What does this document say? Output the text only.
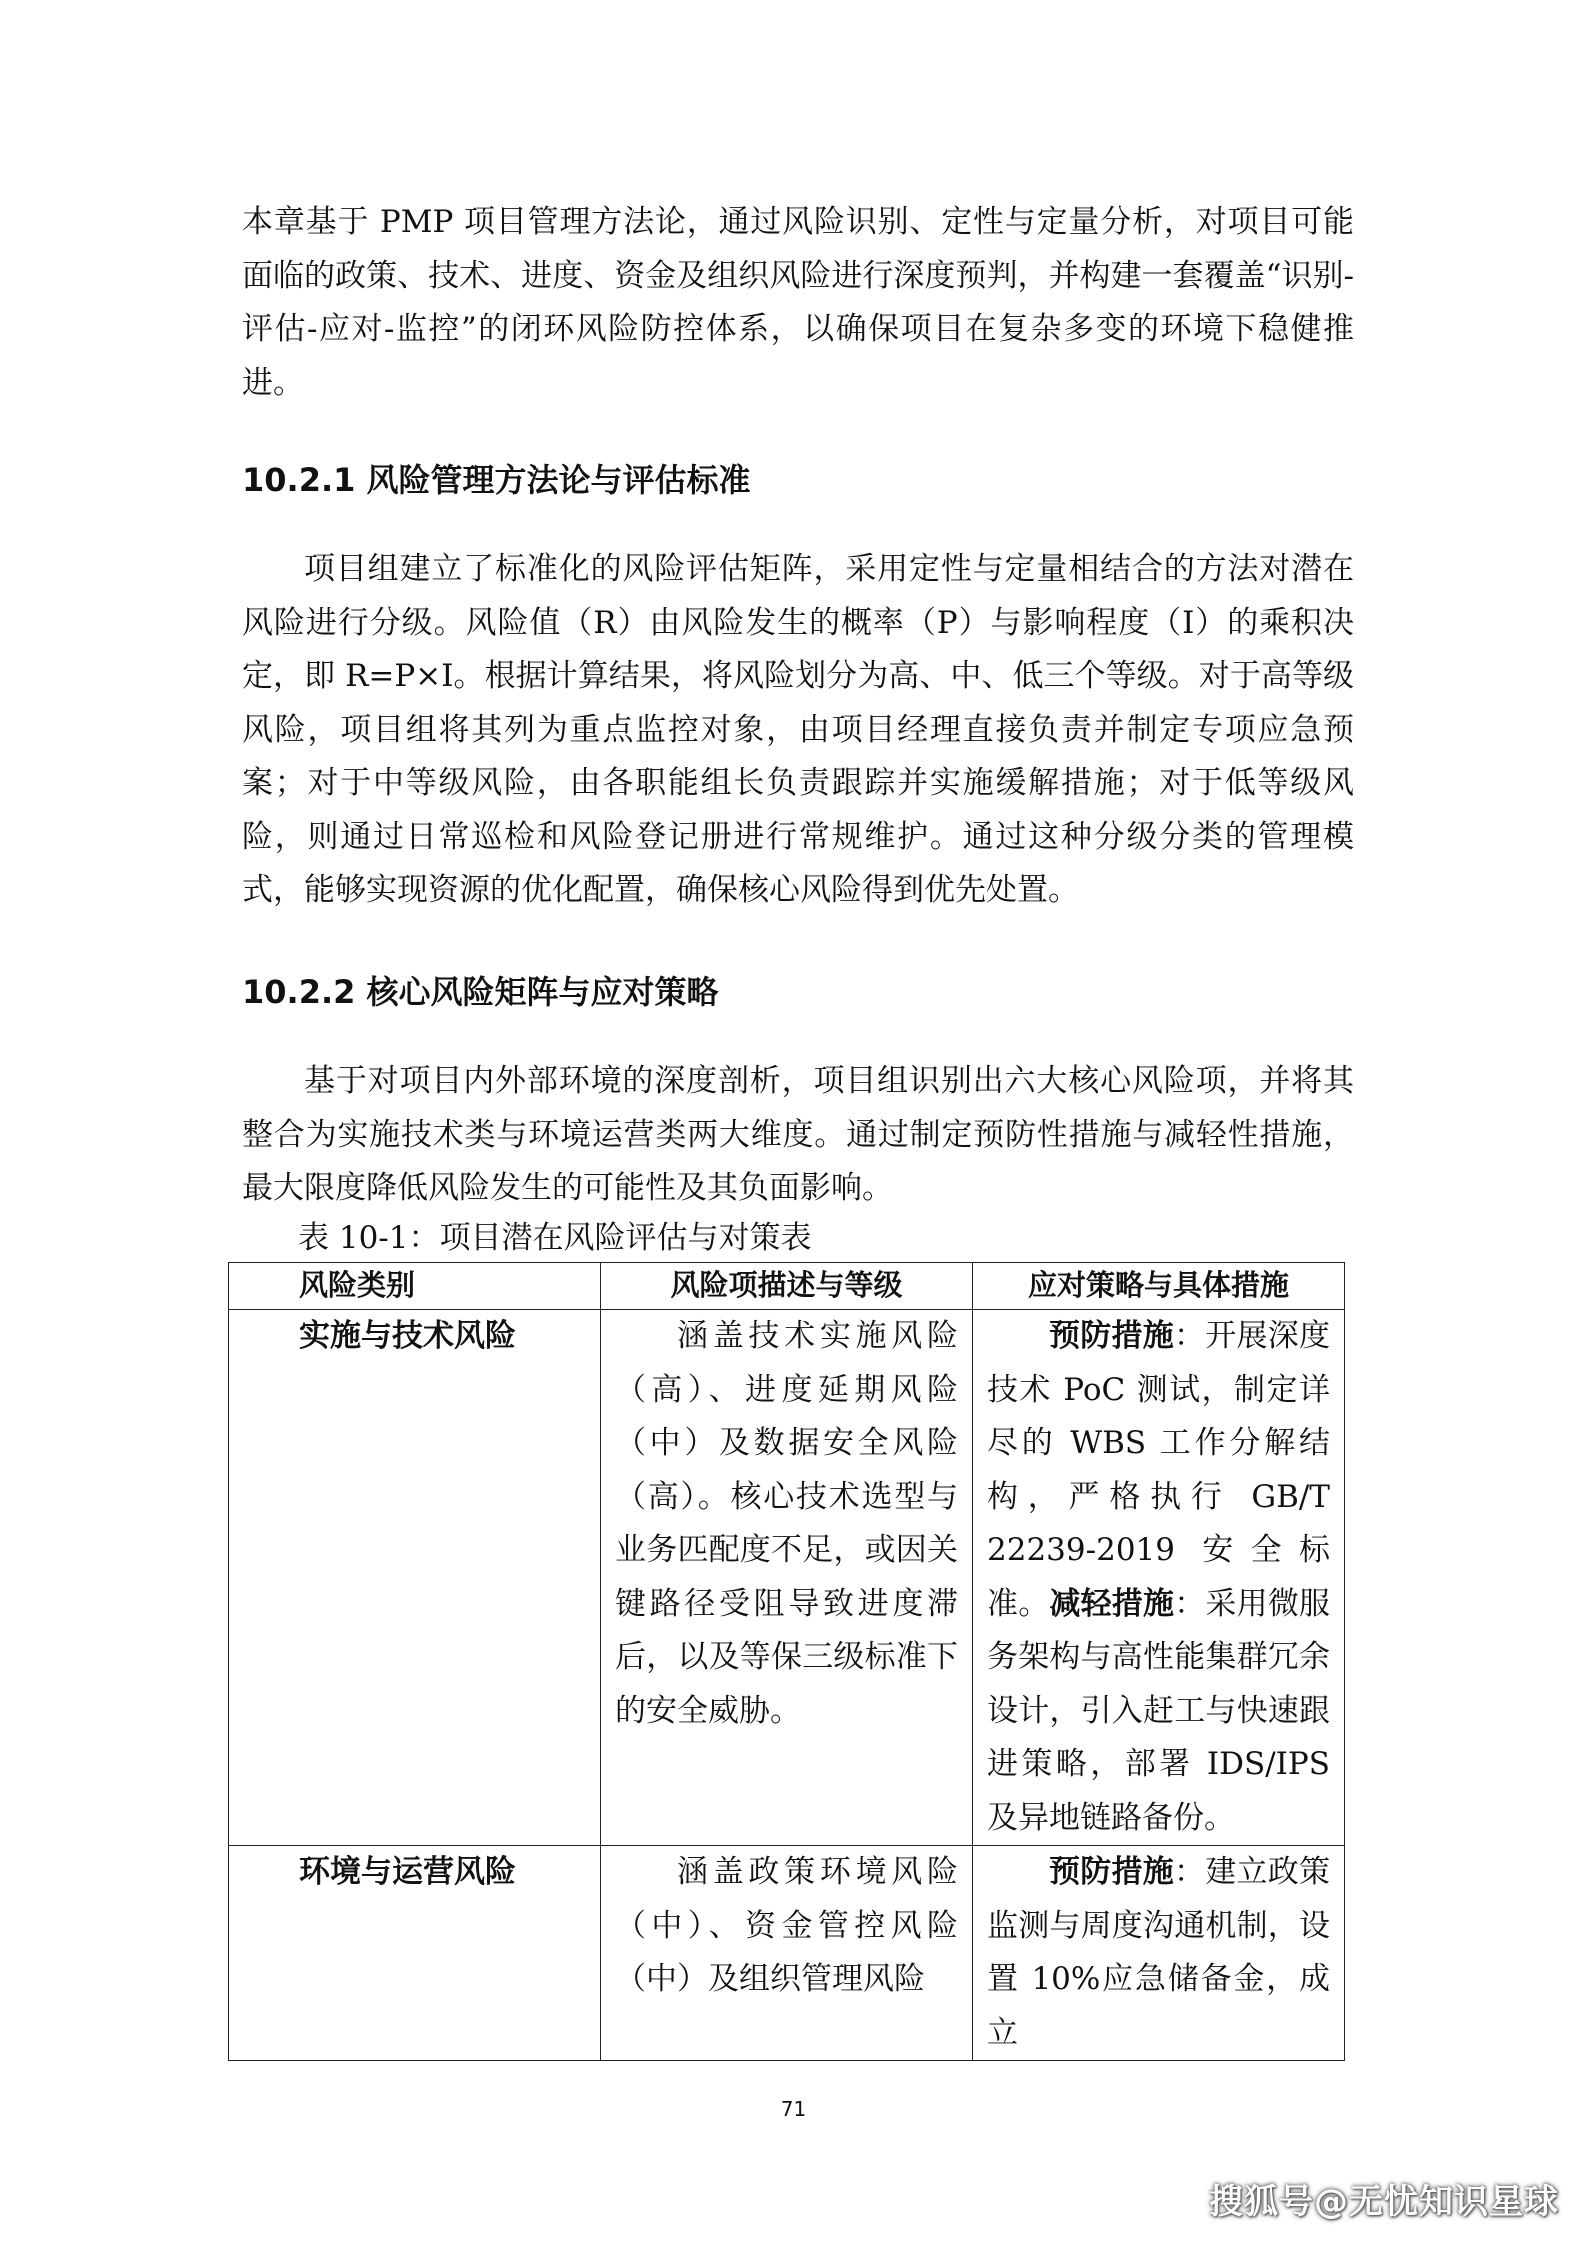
本章基于 PMP 项目管理方法论，通过风险识别、定性与定量分析，对项目可能面临的政策、技术、进度、资金及组织风险进行深度预判，并构建一套覆盖“识别-评估-应对-监控”的闭环风险防控体系，以确保项目在复杂多变的环境下稳健推进。

10.2.1 风险管理方法论与评估标准

项目组建立了标准化的风险评估矩阵，采用定性与定量相结合的方法对潜在风险进行分级。风险值（R）由风险发生的概率（P）与影响程度（I）的乘积决定，即 R=P×I。根据计算结果，将风险划分为高、中、低三个等级。对于高等级风险，项目组将其列为重点监控对象，由项目经理直接负责并制定专项应急预案；对于中等级风险，由各职能组长负责跟踪并实施缓解措施；对于低等级风险，则通过日常巡检和风险登记册进行常规维护。通过这种分级分类的管理模式，能够实现资源的优化配置，确保核心风险得到优先处置。

10.2.2 核心风险矩阵与应对策略

基于对项目内外部环境的深度剖析，项目组识别出六大核心风险项，并将其整合为实施技术类与环境运营类两大维度。通过制定预防性措施与减轻性措施，最大限度降低风险发生的可能性及其负面影响。

表 10-1：项目潜在风险评估与对策表

风险类别	风险项描述与等级	应对策略与具体措施
实施与技术风险	涵盖技术实施风险（高）、进度延期风险（中）及数据安全风险（高）。核心技术选型与业务匹配度不足，或因关键路径受阻导致进度滞后，以及等保三级标准下的安全威胁。	预防措施：开展深度技术 PoC 测试，制定详尽的 WBS 工作分解结构，严格执行 GB/T 22239-2019 安全标准。减轻措施：采用微服务架构与高性能集群冗余设计，引入赶工与快速跟进策略，部署 IDS/IPS 及异地链路备份。
环境与运营风险	涵盖政策环境风险（中）、资金管控风险（中）及组织管理风险	预防措施：建立政策监测与周度沟通机制，设置 10%应急储备金，成立
71
搜狐号@无忧知识星球
